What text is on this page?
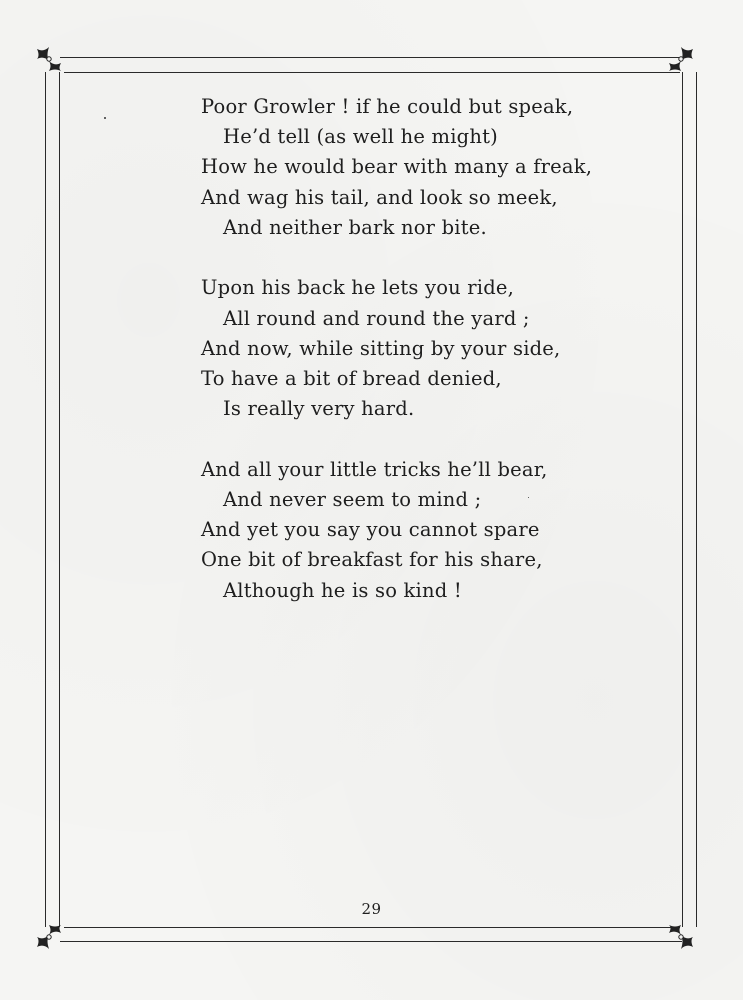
Poor Growler ! if he could but speak,
He’d tell (as well he might)
How he would bear with many a freak,
And wag his tail, and look so meek,
And neither bark nor bite.
Upon his back he lets you ride,
All round and round the yard ;
And now, while sitting by your side,
To have a bit of bread denied,
Is really very hard.
And all your little tricks he’ll bear,
And never seem to mind ;
And yet you say you cannot spare
One bit of breakfast for his share,
Although he is so kind !
29
